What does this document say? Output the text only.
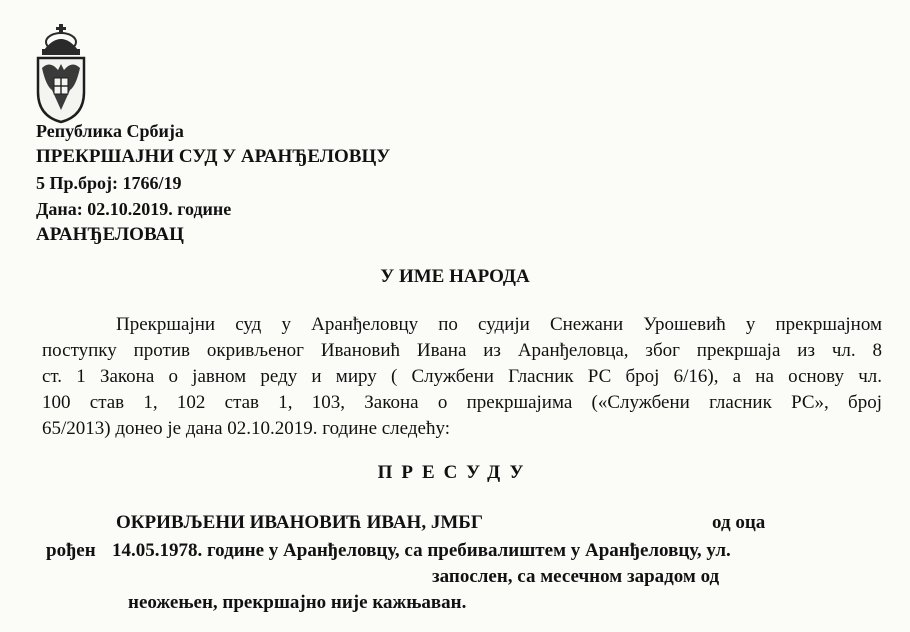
Република Србија
ПРЕКРШАЈНИ СУД У АРАНЂЕЛОВЦУ
5 Пр.број: 1766/19
Дана: 02.10.2019. године
АРАНЂЕЛОВАЦ
У ИМЕ НАРОДА

Прекршајни суд у Аранђеловцу по судији Снежани Урошевић у прекршајном

поступку против окривљеног Ивановић Ивана из Аранђеловца, због прекршаја из чл. 8

ст. 1 Закона о јавном реду и миру ( Службени Гласник РС број 6/16), а на основу чл.

100 став 1, 102 став 1, 103, Закона о прекршајима («Службени гласник РС», број

65/2013) донео је дана 02.10.2019. године следећу:

ПРЕСУДУ
ОКРИВЉЕНИ ИВАНОВИЋ ИВАН, ЈМБГ	од оца
рођен 14.05.1978. године у Аранђеловцу, са пребивалиштем у Аранђеловцу, ул.
запослен, са месечном зарадом од
неожењен, прекршајно није кажњаван.
